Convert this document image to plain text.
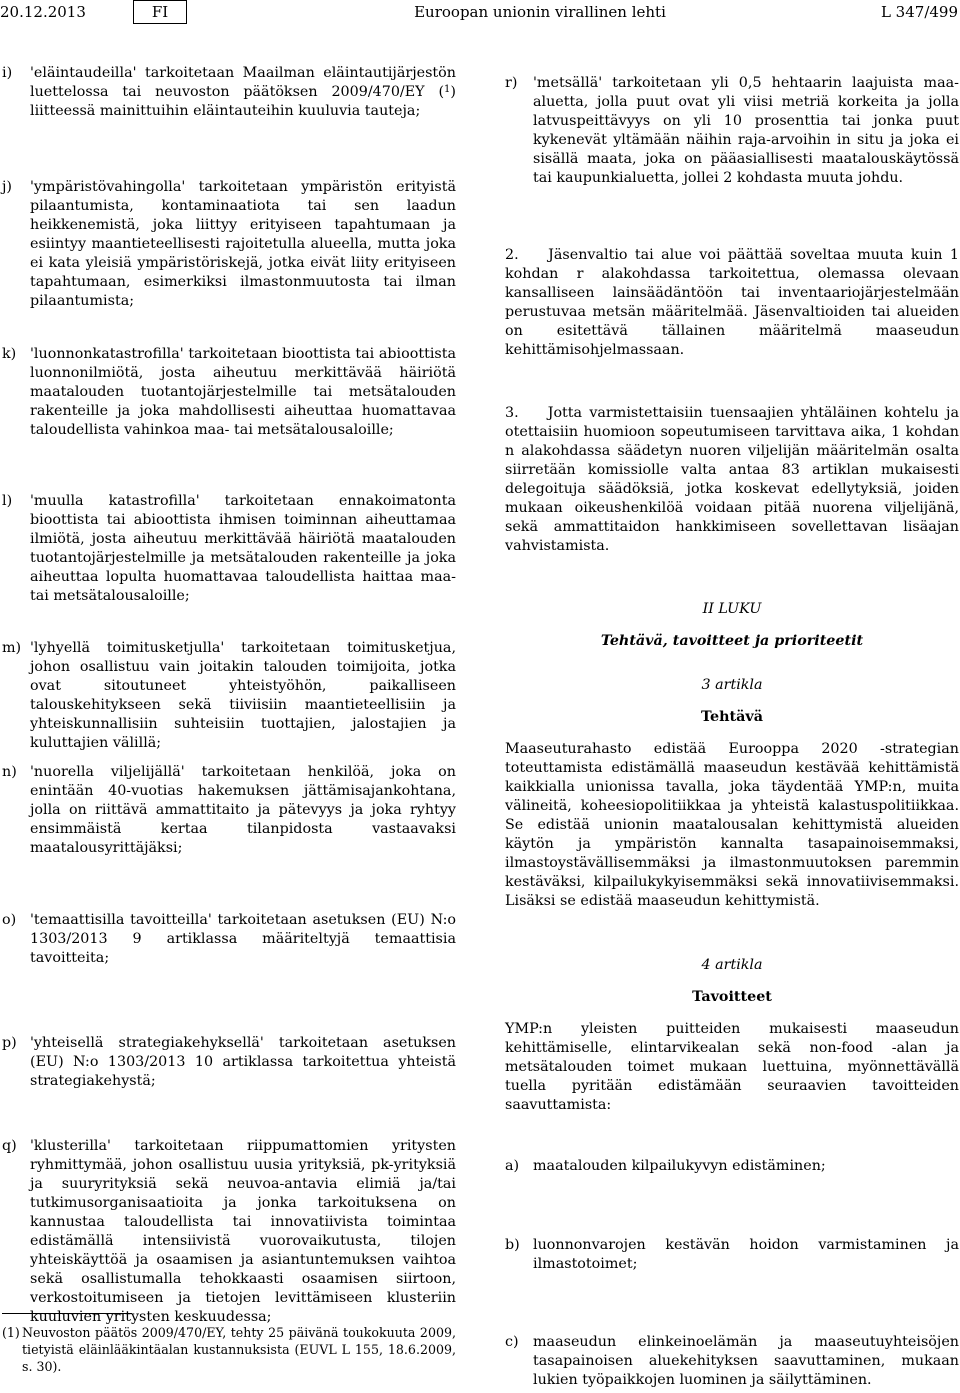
20.12.2013	FI	Euroopan unionin virallinen lehti	L 347/499
i) 'eläintaudeilla' tarkoitetaan Maailman eläintautijärjestön luettelossa tai neuvoston päätöksen 2009/470/EY ($^1$) liitteessä mainittuihin eläintauteihin kuuluvia tauteja;
j) 'ympäristövahingolla' tarkoitetaan ympäristön erityistä pilaantumista, kontaminaatiota tai sen laadun heikkenemistä, joka liittyy erityiseen tapahtumaan ja esiintyy maantieteellisesti rajoitetulla alueella, mutta joka ei kata yleisiä ympäristöriskejä, jotka eivät liity erityiseen tapahtumaan, esimerkiksi ilmastonmuutosta tai ilman pilaantumista;
k) 'luonnonkatastrofilla' tarkoitetaan bioottista tai abioottista luonnonilmiötä, josta aiheutuu merkittävää häiriötä maatalouden tuotantojärjestelmille tai metsätalouden rakenteille ja joka mahdollisesti aiheuttaa huomattavaa taloudellista vahinkoa maa- tai metsätalousaloille;
l) 'muulla katastrofilla' tarkoitetaan ennakoimatonta bioottista tai abioottista ihmisen toiminnan aiheuttamaa ilmiötä, josta aiheutuu merkittävää häiriötä maatalouden tuotantojärjestelmille ja metsätalouden rakenteille ja joka aiheuttaa lopulta huomattavaa taloudellista haittaa maa- tai metsätalousaloille;
m) 'lyhyellä toimitusketjulla' tarkoitetaan toimitusketjua, johon osallistuu vain joitakin talouden toimijoita, jotka ovat sitoutuneet yhteistyöhön, paikalliseen talouskehitykseen sekä tiiviisiin maantieteellisiin ja yhteiskunnallisiin suhteisiin tuottajien, jalostajien ja kuluttajien välillä;
n) 'nuorella viljelijällä' tarkoitetaan henkilöä, joka on enintään 40-vuotias hakemuksen jättämisajankohtana, jolla on riittävä ammattitaito ja pätevyys ja joka ryhtyy ensimmäistä kertaa tilanpidosta vastaavaksi maatalousyrittäjäksi;
o) 'temaattisilla tavoitteilla' tarkoitetaan asetuksen (EU) N:o 1303/2013 9 artiklassa määriteltyjä temaattisia tavoitteita;
p) 'yhteisellä strategiakehyksellä' tarkoitetaan asetuksen (EU) N:o 1303/2013 10 artiklassa tarkoitettua yhteistä strategiakehystä;
q) 'klusterilla' tarkoitetaan riippumattomien yritysten ryhmittymää, johon osallistuu uusia yrityksiä, pk-yrityksiä ja suuryrityksiä sekä neuvoa-antavia elimiä ja/tai tutkimusorganisaatioita ja jonka tarkoituksena on kannustaa taloudellista tai innovatiivista toimintaa edistämällä intensiivistä vuorovaikutusta, tilojen yhteiskäyttöä ja osaamisen ja asiantuntemuksen vaihtoa sekä osallistumalla tehokkaasti osaamisen siirtoon, verkostoitumiseen ja tietojen levittämiseen klusteriin kuuluvien yritysten keskuudessa;
(1) Neuvoston päätös 2009/470/EY, tehty 25 päivänä toukokuuta 2009, tietyistä eläinlääkintäalan kustannuksista (EUVL L 155, 18.6.2009, s. 30).
r) 'metsällä' tarkoitetaan yli 0,5 hehtaarin laajuista maa-aluetta, jolla puut ovat yli viisi metriä korkeita ja jolla latvuspeittävyys on yli 10 prosenttia tai jonka puut kykenevät yltämään näihin raja-arvoihin in situ ja joka ei sisällä maata, joka on pääasiallisesti maatalouskäytössä tai kaupunkialuetta, jollei 2 kohdasta muuta johdu.
2.    Jäsenvaltio tai alue voi päättää soveltaa muuta kuin 1 kohdan r alakohdassa tarkoitettua, olemassa olevaan kansalliseen lainsäädäntöön tai inventaariojärjestelmään perustuvaa metsän määritelmää. Jäsenvaltioiden tai alueiden on esitettävä tällainen määritelmä maaseudun kehittämisohjelmassaan.
3.    Jotta varmistettaisiin tuensaajien yhtäläinen kohtelu ja otettaisiin huomioon sopeutumiseen tarvittava aika, 1 kohdan n alakohdassa säädetyn nuoren viljelijän määritelmän osalta siirretään komissiolle valta antaa 83 artiklan mukaisesti delegoituja säädöksiä, jotka koskevat edellytyksiä, joiden mukaan oikeushenkilöä voidaan pitää nuorena viljelijänä, sekä ammattitaidon hankkimiseen sovellettavan lisäajan vahvistamista.
II LUKU
Tehtävä, tavoitteet ja prioriteetit
3 artikla
Tehtävä
Maaseuturahasto edistää Eurooppa 2020 -strategian toteuttamista edistämällä maaseudun kestävää kehittämistä kaikkialla unionissa tavalla, joka täydentää YMP:n, muita välineitä, koheesiopolitiikkaa ja yhteistä kalastuspolitiikkaa. Se edistää unionin maatalousalan kehittymistä alueiden käytön ja ympäristön kannalta tasapainoisemmaksi, ilmastoystävällisemmäksi ja ilmastonmuutoksen paremmin kestäväksi, kilpailukykyisemmäksi sekä innovatiivisemmaksi. Lisäksi se edistää maaseudun kehittymistä.
4 artikla
Tavoitteet
YMP:n yleisten puitteiden mukaisesti maaseudun kehittämiselle, elintarvikealan sekä non-food -alan ja metsätalouden toimet mukaan luettuina, myönnettävällä tuella pyritään edistämään seuraavien tavoitteiden saavuttamista:
a) maatalouden kilpailukyvyn edistäminen;
b) luonnonvarojen kestävän hoidon varmistaminen ja ilmastotoimet;
c) maaseudun elinkeinoelämän ja maaseutuyhteisöjen tasapainoisen aluekehityksen saavuttaminen, mukaan lukien työpaikkojen luominen ja säilyttäminen.
